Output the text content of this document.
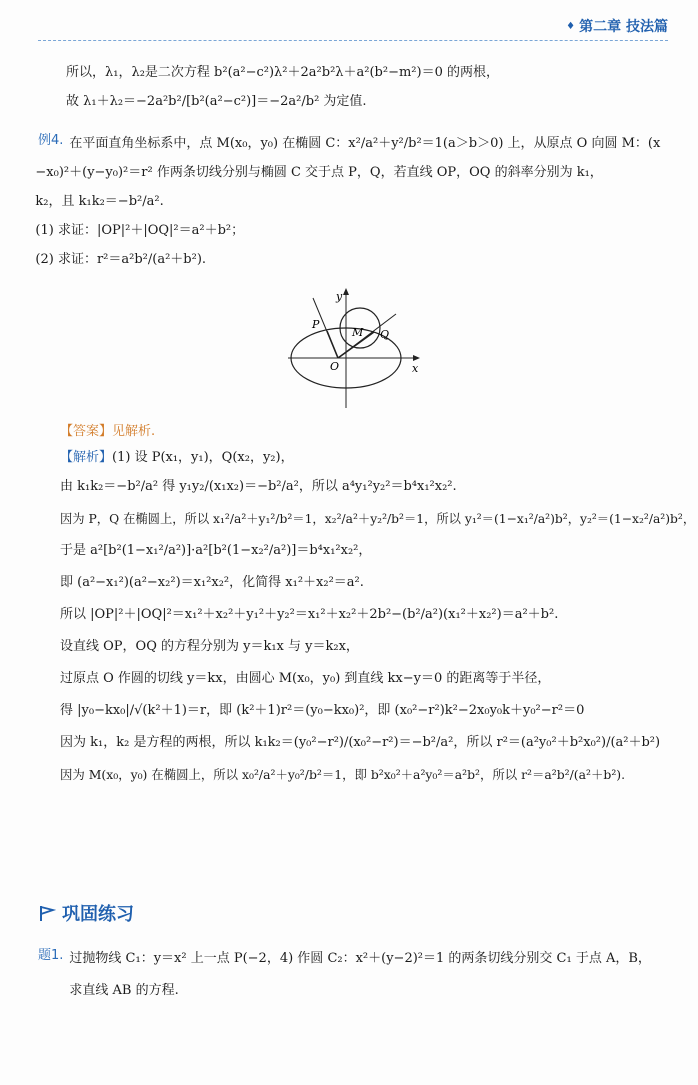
♦ 第二章 技法篇
所以，λ₁，λ₂是二次方程 b²(a²−c²)λ²＋2a²b²λ＋a²(b²−m²)＝0 的两根，
故 λ₁＋λ₂＝−2a²b²/[b²(a²−c²)]＝−2a²/b² 为定值.
例4. 在平面直角坐标系中，点 M(x₀，y₀) 在椭圆 C：x²/a²＋y²/b²＝1(a＞b＞0) 上，从原点 O 向圆 M：(x
−x₀)²＋(y−y₀)²＝r² 作两条切线分别与椭圆 C 交于点 P，Q，若直线 OP，OQ 的斜率分别为 k₁，
k₂，且 k₁k₂＝−b²/a².
(1) 求证：|OP|²＋|OQ|²＝a²＋b²；
(2) 求证：r²＝a²b²/(a²＋b²).
y
x
O
P
M Q
【答案】见解析.
【解析】(1) 设 P(x₁，y₁)，Q(x₂，y₂)，
由 k₁k₂＝−b²/a² 得 y₁y₂/(x₁x₂)＝−b²/a²，所以 a⁴y₁²y₂²＝b⁴x₁²x₂².
因为 P，Q 在椭圆上，所以 x₁²/a²＋y₁²/b²＝1，x₂²/a²＋y₂²/b²＝1，所以 y₁²＝(1−x₁²/a²)b²，y₂²＝(1−x₂²/a²)b²，
于是 a²[b²(1−x₁²/a²)]·a²[b²(1−x₂²/a²)]＝b⁴x₁²x₂²，
即 (a²−x₁²)(a²−x₂²)＝x₁²x₂²，化简得 x₁²＋x₂²＝a².
所以 |OP|²＋|OQ|²＝x₁²＋x₂²＋y₁²＋y₂²＝x₁²＋x₂²＋2b²−(b²/a²)(x₁²＋x₂²)＝a²＋b².
设直线 OP，OQ 的方程分别为 y＝k₁x 与 y＝k₂x，
过原点 O 作圆的切线 y＝kx，由圆心 M(x₀，y₀) 到直线 kx−y＝0 的距离等于半径，
得 |y₀−kx₀|/√(k²＋1)＝r，即 (k²＋1)r²＝(y₀−kx₀)²，即 (x₀²−r²)k²−2x₀y₀k＋y₀²−r²＝0
因为 k₁，k₂ 是方程的两根，所以 k₁k₂＝(y₀²−r²)/(x₀²−r²)＝−b²/a²，所以 r²＝(a²y₀²＋b²x₀²)/(a²＋b²)
因为 M(x₀，y₀) 在椭圆上，所以 x₀²/a²＋y₀²/b²＝1，即 b²x₀²＋a²y₀²＝a²b²，所以 r²＝a²b²/(a²＋b²).
巩固练习
题1. 过抛物线 C₁：y＝x² 上一点 P(−2，4) 作圆 C₂：x²＋(y−2)²＝1 的两条切线分别交 C₁ 于点 A，B，
求直线 AB 的方程.
